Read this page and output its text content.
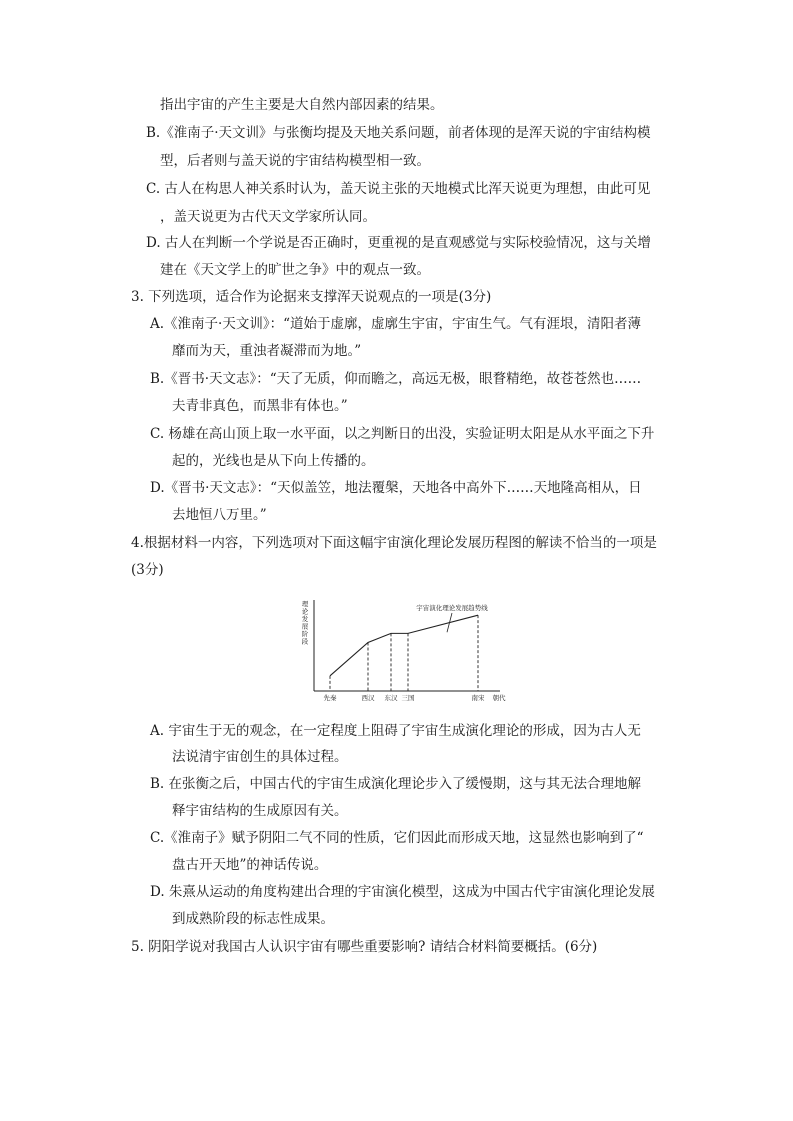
指出宇宙的产生主要是大自然内部因素的结果。
B.《淮南子·天文训》与张衡均提及天地关系问题，前者体现的是浑天说的宇宙结构模
型，后者则与盖天说的宇宙结构模型相一致。
C. 古人在构思人神关系时认为，盖天说主张的天地模式比浑天说更为理想，由此可见
，盖天说更为古代天文学家所认同。
D. 古人在判断一个学说是否正确时，更重视的是直观感觉与实际校验情况，这与关增
建在《天文学上的旷世之争》中的观点一致。
3. 下列选项，适合作为论据来支撑浑天说观点的一项是(3分)
A.《淮南子·天文训》：“道始于虚廓，虚廓生宇宙，宇宙生气。气有涯垠，清阳者薄
靡而为天，重浊者凝滞而为地。”
B.《晋书·天文志》：“天了无质，仰而瞻之，高远无极，眼瞀精绝，故苍苍然也……
夫青非真色，而黑非有体也。”
C. 杨雄在高山顶上取一水平面，以之判断日的出没，实验证明太阳是从水平面之下升
起的，光线也是从下向上传播的。
D.《晋书·天文志》：“天似盖笠，地法覆槃，天地各中高外下……天地隆高相从，日
去地恒八万里。”
4.根据材料一内容，下列选项对下面这幅宇宙演化理论发展历程图的解读不恰当的一项是
(3分)
理论发展阶段
先秦	西汉 东汉 三国	南宋 朝代
宇宙演化理论发展趋势线
A. 宇宙生于无的观念，在一定程度上阻碍了宇宙生成演化理论的形成，因为古人无
法说清宇宙创生的具体过程。
B. 在张衡之后，中国古代的宇宙生成演化理论步入了缓慢期，这与其无法合理地解
释宇宙结构的生成原因有关。
C.《淮南子》赋予阴阳二气不同的性质，它们因此而形成天地，这显然也影响到了“
盘古开天地”的神话传说。
D. 朱熹从运动的角度构建出合理的宇宙演化模型，这成为中国古代宇宙演化理论发展
到成熟阶段的标志性成果。
5. 阴阳学说对我国古人认识宇宙有哪些重要影响? 请结合材料简要概括。(6分)
